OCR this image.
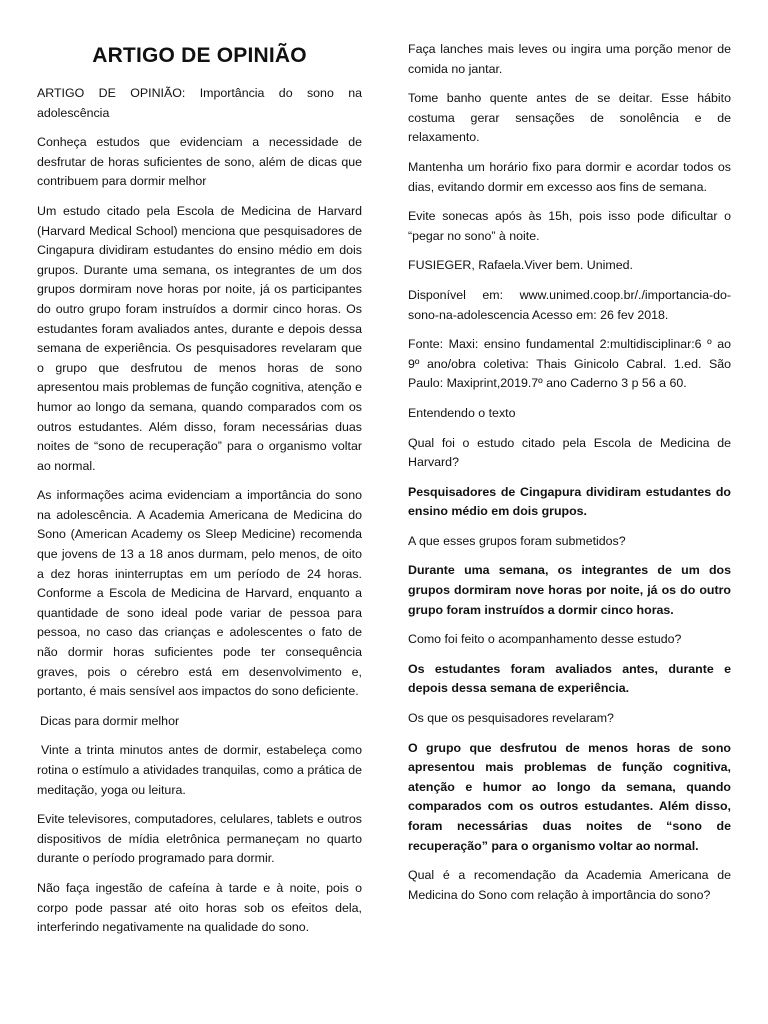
ARTIGO DE OPINIÃO

ARTIGO DE OPINIÃO: Importância do sono na adolescência

Conheça estudos que evidenciam a necessidade de desfrutar de horas suficientes de sono, além de dicas que contribuem para dormir melhor

Um estudo citado pela Escola de Medicina de Harvard (Harvard Medical School) menciona que pesquisadores de Cingapura dividiram estudantes do ensino médio em dois grupos. Durante uma semana, os integrantes de um dos grupos dormiram nove horas por noite, já os participantes do outro grupo foram instruídos a dormir cinco horas. Os estudantes foram avaliados antes, durante e depois dessa semana de experiência. Os pesquisadores revelaram que o grupo que desfrutou de menos horas de sono apresentou mais problemas de função cognitiva, atenção e humor ao longo da semana, quando comparados com os outros estudantes. Além disso, foram necessárias duas noites de “sono de recuperação” para o organismo voltar ao normal.

As informações acima evidenciam a importância do sono na adolescência. A Academia Americana de Medicina do Sono (American Academy os Sleep Medicine) recomenda que jovens de 13 a 18 anos durmam, pelo menos, de oito a dez horas ininterruptas em um período de 24 horas. Conforme a Escola de Medicina de Harvard, enquanto a quantidade de sono ideal pode variar de pessoa para pessoa, no caso das crianças e adolescentes o fato de não dormir horas suficientes pode ter consequência graves, pois o cérebro está em desenvolvimento e, portanto, é mais sensível aos impactos do sono deficiente.

Dicas para dormir melhor

Vinte a trinta minutos antes de dormir, estabeleça como rotina o estímulo a atividades tranquilas, como a prática de meditação, yoga ou leitura.

Evite televisores, computadores, celulares, tablets e outros dispositivos de mídia eletrônica permaneçam no quarto durante o período programado para dormir.

Não faça ingestão de cafeína à tarde e à noite, pois o corpo pode passar até oito horas sob os efeitos dela, interferindo negativamente na qualidade do sono.

Faça lanches mais leves ou ingira uma porção menor de comida no jantar.

Tome banho quente antes de se deitar. Esse hábito costuma gerar sensações de sonolência e de relaxamento.

Mantenha um horário fixo para dormir e acordar todos os dias, evitando dormir em excesso aos fins de semana.

Evite sonecas após às 15h, pois isso pode dificultar o “pegar no sono” à noite.

FUSIEGER, Rafaela.Viver bem. Unimed.

Disponível em: www.unimed.coop.br/./importancia-do-sono-na-adolescencia Acesso em: 26 fev 2018.

Fonte: Maxi: ensino fundamental 2:multidisciplinar:6 º ao 9º ano/obra coletiva: Thais Ginicolo Cabral. 1.ed. São Paulo: Maxiprint,2019.7º ano Caderno 3 p 56 a 60.

Entendendo o texto

Qual foi o estudo citado pela Escola de Medicina de Harvard?

Pesquisadores de Cingapura dividiram estudantes do ensino médio em dois grupos.

A que esses grupos foram submetidos?

Durante uma semana, os integrantes de um dos grupos dormiram nove horas por noite, já os do outro grupo foram instruídos a dormir cinco horas.

Como foi feito o acompanhamento desse estudo?

Os estudantes foram avaliados antes, durante e depois dessa semana de experiência.

Os que os pesquisadores revelaram?

O grupo que desfrutou de menos horas de sono apresentou mais problemas de função cognitiva, atenção e humor ao longo da semana, quando comparados com os outros estudantes. Além disso, foram necessárias duas noites de “sono de recuperação” para o organismo voltar ao normal.

Qual é a recomendação da Academia Americana de Medicina do Sono com relação à importância do sono?
